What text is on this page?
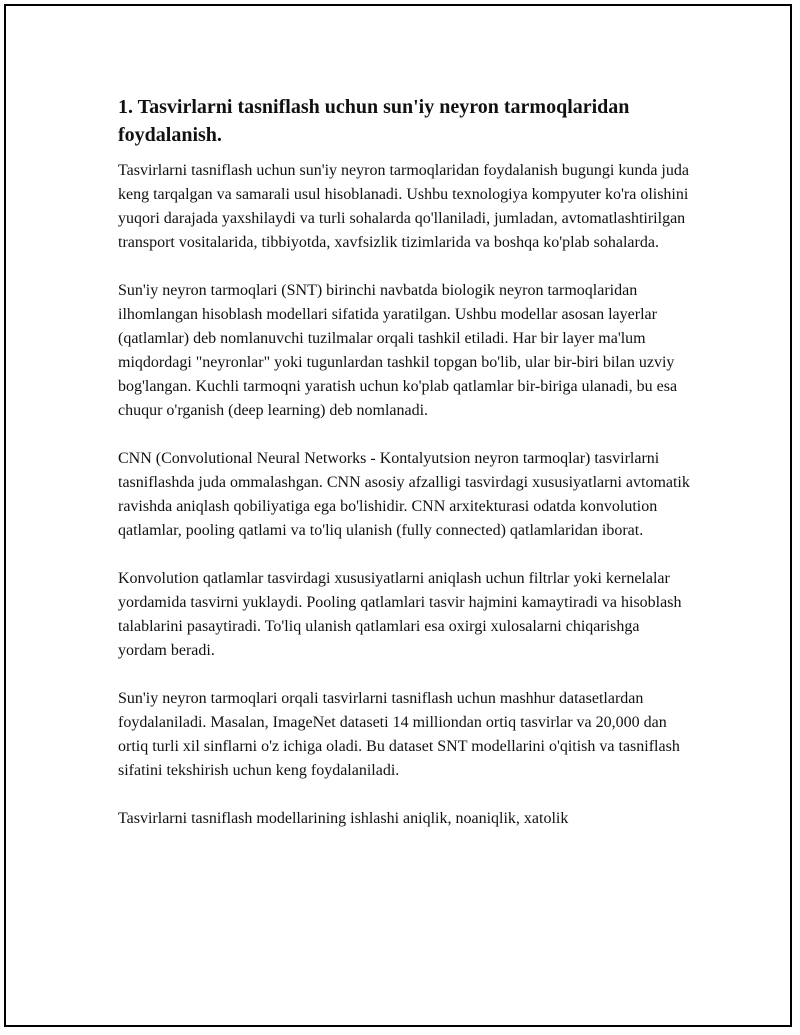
1. Tasvirlarni tasniflash uchun sun'iy neyron tarmoqlaridan foydalanish.

Tasvirlarni tasniflash uchun sun'iy neyron tarmoqlaridan foydalanish bugungi kunda juda keng tarqalgan va samarali usul hisoblanadi. Ushbu texnologiya kompyuter ko'ra olishini yuqori darajada yaxshilaydi va turli sohalarda qo'llaniladi, jumladan, avtomatlashtirilgan transport vositalarida, tibbiyotda, xavfsizlik tizimlarida va boshqa ko'plab sohalarda.

Sun'iy neyron tarmoqlari (SNT) birinchi navbatda biologik neyron tarmoqlaridan ilhomlangan hisoblash modellari sifatida yaratilgan. Ushbu modellar asosan layerlar (qatlamlar) deb nomlanuvchi tuzilmalar orqali tashkil etiladi. Har bir layer ma'lum miqdordagi "neyronlar" yoki tugunlardan tashkil topgan bo'lib, ular bir-biri bilan uzviy bog'langan. Kuchli tarmoqni yaratish uchun ko'plab qatlamlar bir-biriga ulanadi, bu esa chuqur o'rganish (deep learning) deb nomlanadi.

CNN (Convolutional Neural Networks - Kontalyutsion neyron tarmoqlar) tasvirlarni tasniflashda juda ommalashgan. CNN asosiy afzalligi tasvirdagi xususiyatlarni avtomatik ravishda aniqlash qobiliyatiga ega bo'lishidir. CNN arxitekturasi odatda konvolution qatlamlar, pooling qatlami va to'liq ulanish (fully connected) qatlamlaridan iborat.

Konvolution qatlamlar tasvirdagi xususiyatlarni aniqlash uchun filtrlar yoki kernelalar yordamida tasvirni yuklaydi. Pooling qatlamlari tasvir hajmini kamaytiradi va hisoblash talablarini pasaytiradi. To'liq ulanish qatlamlari esa oxirgi xulosalarni chiqarishga yordam beradi.

Sun'iy neyron tarmoqlari orqali tasvirlarni tasniflash uchun mashhur datasetlardan foydalaniladi. Masalan, ImageNet dataseti 14 milliondan ortiq tasvirlar va 20,000 dan ortiq turli xil sinflarni o'z ichiga oladi. Bu dataset SNT modellarini o'qitish va tasniflash sifatini tekshirish uchun keng foydalaniladi.

Tasvirlarni tasniflash modellarining ishlashi aniqlik, noaniqlik, xatolik
